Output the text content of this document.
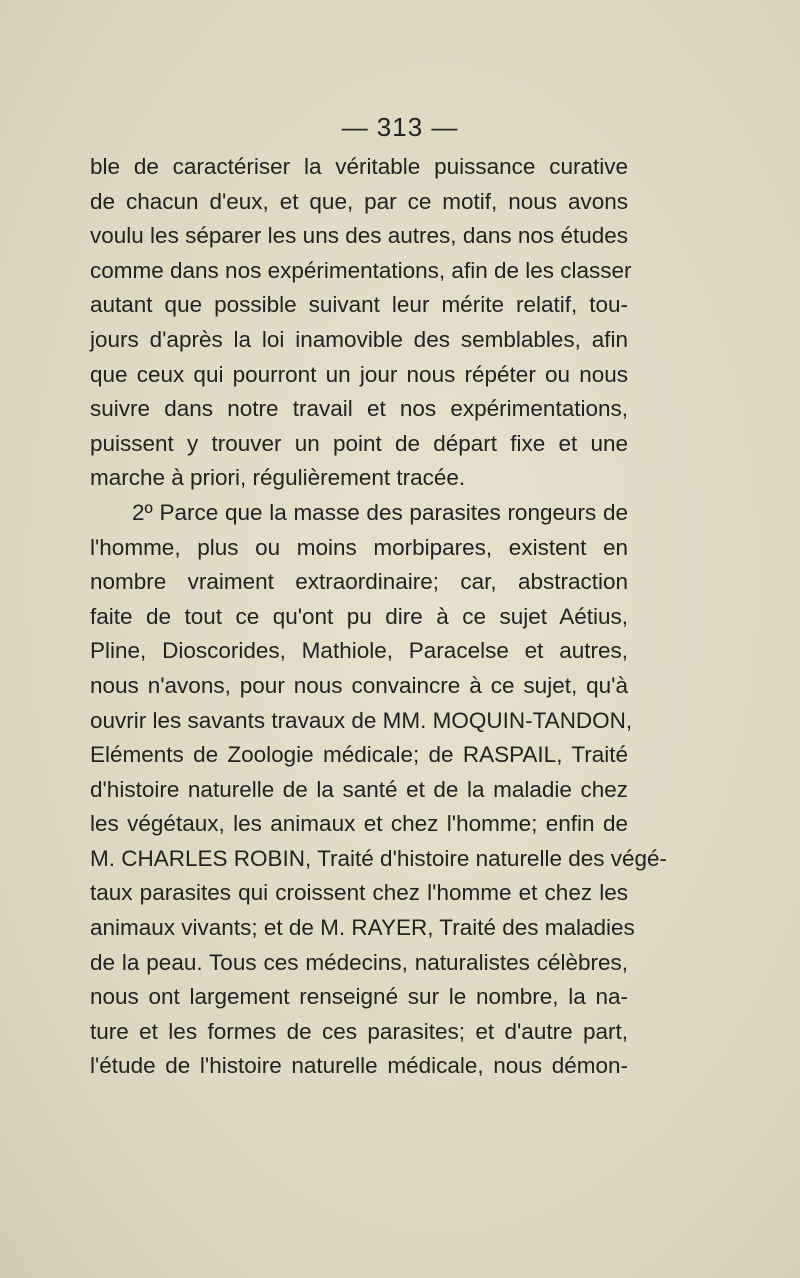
— 313 —
ble de caractériser la véritable puissance curative
de chacun d'eux, et que, par ce motif, nous avons
voulu les séparer les uns des autres, dans nos études
comme dans nos expérimentations, afin de les classer
autant que possible suivant leur mérite relatif, tou-
jours d'après la loi inamovible des semblables, afin
que ceux qui pourront un jour nous répéter ou nous
suivre dans notre travail et nos expérimentations,
puissent y trouver un point de départ fixe et une
marche à priori, régulièrement tracée.
2º Parce que la masse des parasites rongeurs de
l'homme, plus ou moins morbipares, existent en
nombre vraiment extraordinaire; car, abstraction
faite de tout ce qu'ont pu dire à ce sujet Aétius,
Pline, Dioscorides, Mathiole, Paracelse et autres,
nous n'avons, pour nous convaincre à ce sujet, qu'à
ouvrir les savants travaux de MM. MOQUIN-TANDON,
Eléments de Zoologie médicale; de RASPAIL, Traité
d'histoire naturelle de la santé et de la maladie chez
les végétaux, les animaux et chez l'homme; enfin de
M. CHARLES ROBIN, Traité d'histoire naturelle des végé-
taux parasites qui croissent chez l'homme et chez les
animaux vivants; et de M. RAYER, Traité des maladies
de la peau. Tous ces médecins, naturalistes célèbres,
nous ont largement renseigné sur le nombre, la na-
ture et les formes de ces parasites; et d'autre part,
l'étude de l'histoire naturelle médicale, nous démon-
